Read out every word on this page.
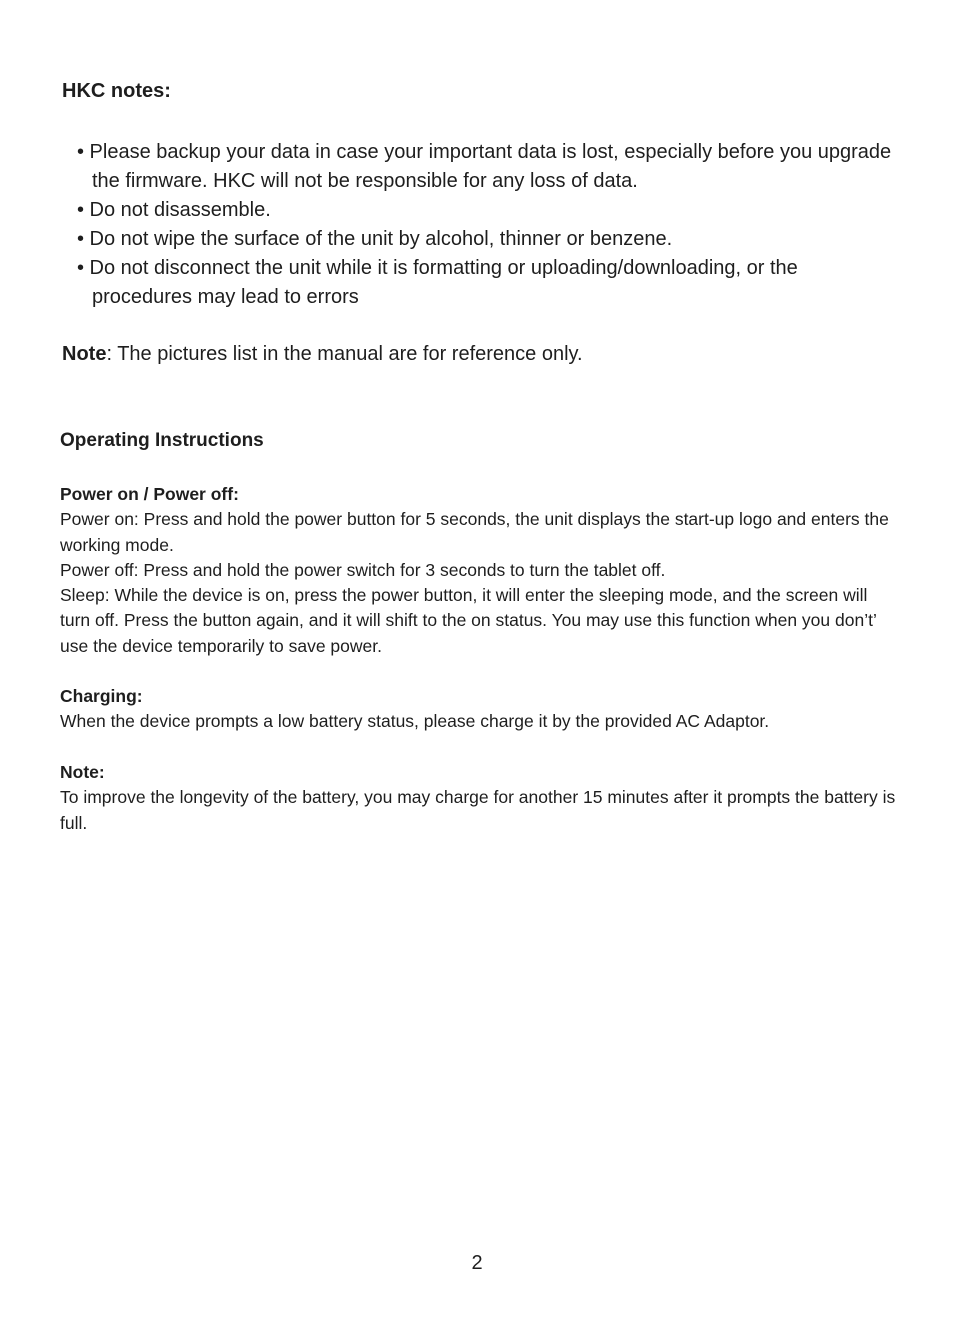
HKC notes:
• Please backup your data in case your important data is lost, especially before you upgrade the firmware. HKC will not be responsible for any loss of data.
• Do not disassemble.
• Do not wipe the surface of the unit by alcohol, thinner or benzene.
• Do not disconnect the unit while it is formatting or uploading/downloading, or the procedures may lead to errors

Note: The pictures list in the manual are for reference only.

Operating Instructions

Power on / Power off:

Power on: Press and hold the power button for 5 seconds, the unit displays the start-up logo and enters the working mode.

Power off: Press and hold the power switch for 3 seconds to turn the tablet off.

Sleep: While the device is on, press the power button, it will enter the sleeping mode, and the screen will turn off. Press the button again, and it will shift to the on status. You may use this function when you don’t’ use the device temporarily to save power.

Charging:

When the device prompts a low battery status, please charge it by the provided AC Adaptor.

Note:

To improve the longevity of the battery, you may charge for another 15 minutes after it prompts the battery is full.

2
